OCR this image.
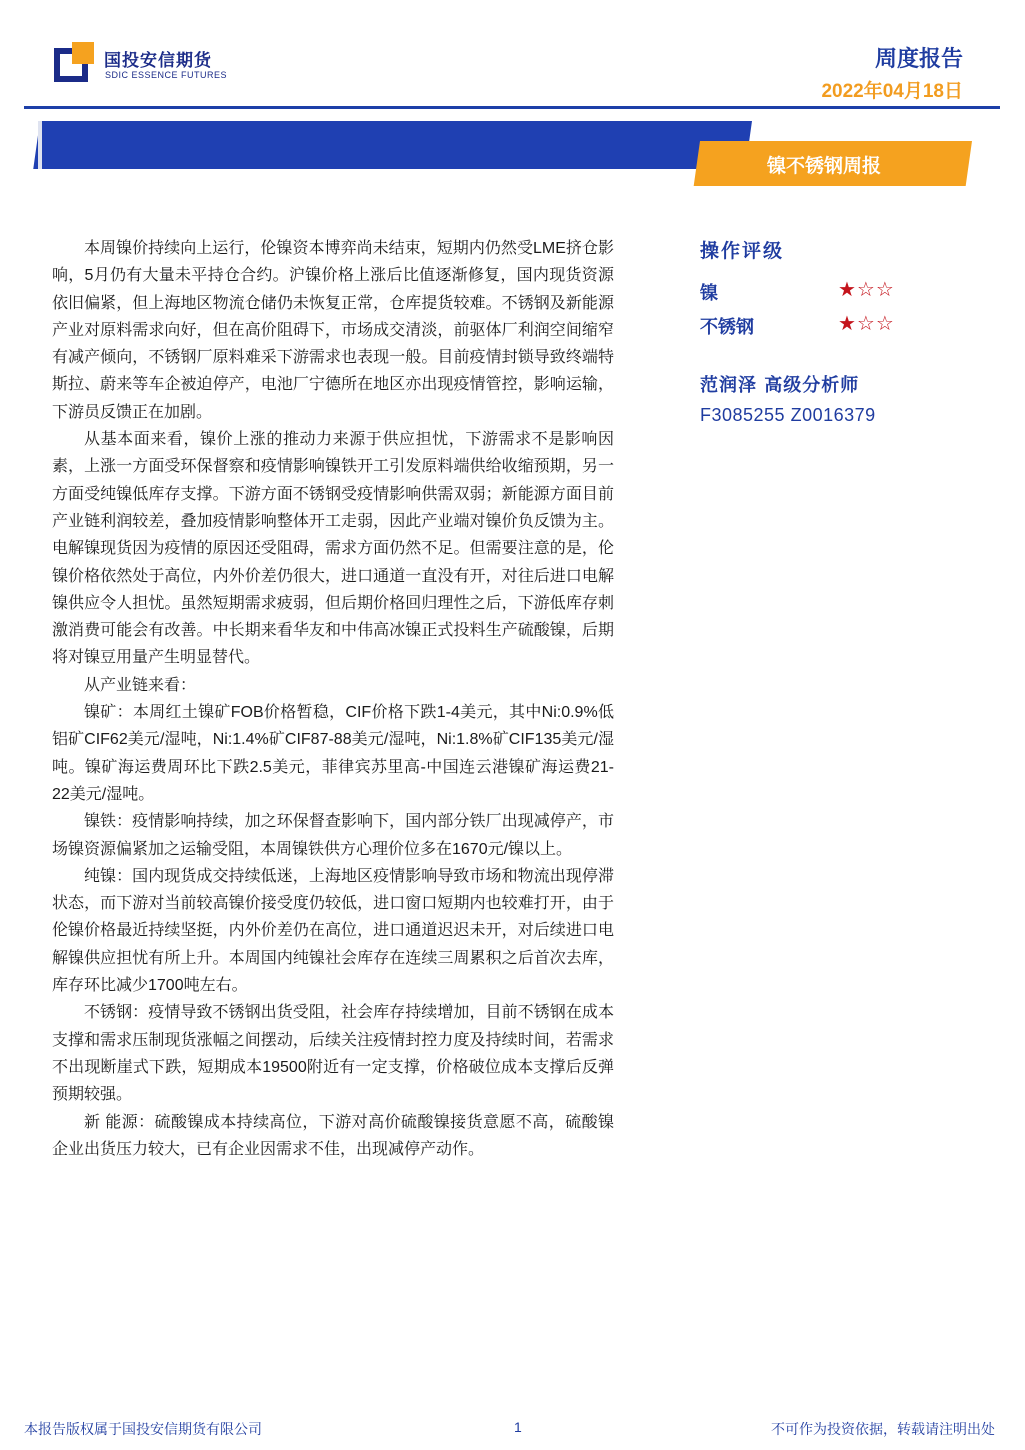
国投安信期货
SDIC ESSENCE FUTURES
周度报告
2022年04月18日
镍不锈钢周报

本周镍价持续向上运行，伦镍资本博弈尚未结束，短期内仍然受LME挤仓影响，5月仍有大量未平持仓合约。沪镍价格上涨后比值逐渐修复，国内现货资源依旧偏紧，但上海地区物流仓储仍未恢复正常，仓库提货较难。不锈钢及新能源产业对原料需求向好，但在高价阻碍下，市场成交清淡，前驱体厂利润空间缩窄有减产倾向，不锈钢厂原料难采下游需求也表现一般。目前疫情封锁导致终端特斯拉、蔚来等车企被迫停产，电池厂宁德所在地区亦出现疫情管控，影响运输，下游员反馈正在加剧。

从基本面来看，镍价上涨的推动力来源于供应担忧，下游需求不是影响因素，上涨一方面受环保督察和疫情影响镍铁开工引发原料端供给收缩预期，另一方面受纯镍低库存支撑。下游方面不锈钢受疫情影响供需双弱；新能源方面目前产业链利润较差，叠加疫情影响整体开工走弱，因此产业端对镍价负反馈为主。电解镍现货因为疫情的原因还受阻碍，需求方面仍然不足。但需要注意的是，伦镍价格依然处于高位，内外价差仍很大，进口通道一直没有开，对往后进口电解镍供应令人担忧。虽然短期需求疲弱，但后期价格回归理性之后，下游低库存刺激消费可能会有改善。中长期来看华友和中伟高冰镍正式投料生产硫酸镍，后期将对镍豆用量产生明显替代。

从产业链来看：

镍矿：本周红土镍矿FOB价格暂稳，CIF价格下跌1-4美元，其中Ni:0.9%低铝矿CIF62美元/湿吨，Ni:1.4%矿CIF87-88美元/湿吨，Ni:1.8%矿CIF135美元/湿吨。镍矿海运费周环比下跌2.5美元，菲律宾苏里高-中国连云港镍矿海运费21-22美元/湿吨。

镍铁：疫情影响持续，加之环保督查影响下，国内部分铁厂出现减停产，市场镍资源偏紧加之运输受阻，本周镍铁供方心理价位多在1670元/镍以上。

纯镍：国内现货成交持续低迷，上海地区疫情影响导致市场和物流出现停滞状态，而下游对当前较高镍价接受度仍较低，进口窗口短期内也较难打开，由于伦镍价格最近持续坚挺，内外价差仍在高位，进口通道迟迟未开，对后续进口电解镍供应担忧有所上升。本周国内纯镍社会库存在连续三周累积之后首次去库，库存环比减少1700吨左右。

不锈钢：疫情导致不锈钢出货受阻，社会库存持续增加，目前不锈钢在成本支撑和需求压制现货涨幅之间摆动，后续关注疫情封控力度及持续时间，若需求不出现断崖式下跌，短期成本19500附近有一定支撑，价格破位成本支撑后反弹预期较强。

新 能源：硫酸镍成本持续高位，下游对高价硫酸镍接货意愿不高，硫酸镍企业出货压力较大，已有企业因需求不佳，出现减停产动作。

操作评级
镍	★☆☆
不锈钢	★☆☆
范润泽 高级分析师
F3085255 Z0016379
本报告版权属于国投安信期货有限公司	1	不可作为投资依据，转载请注明出处
